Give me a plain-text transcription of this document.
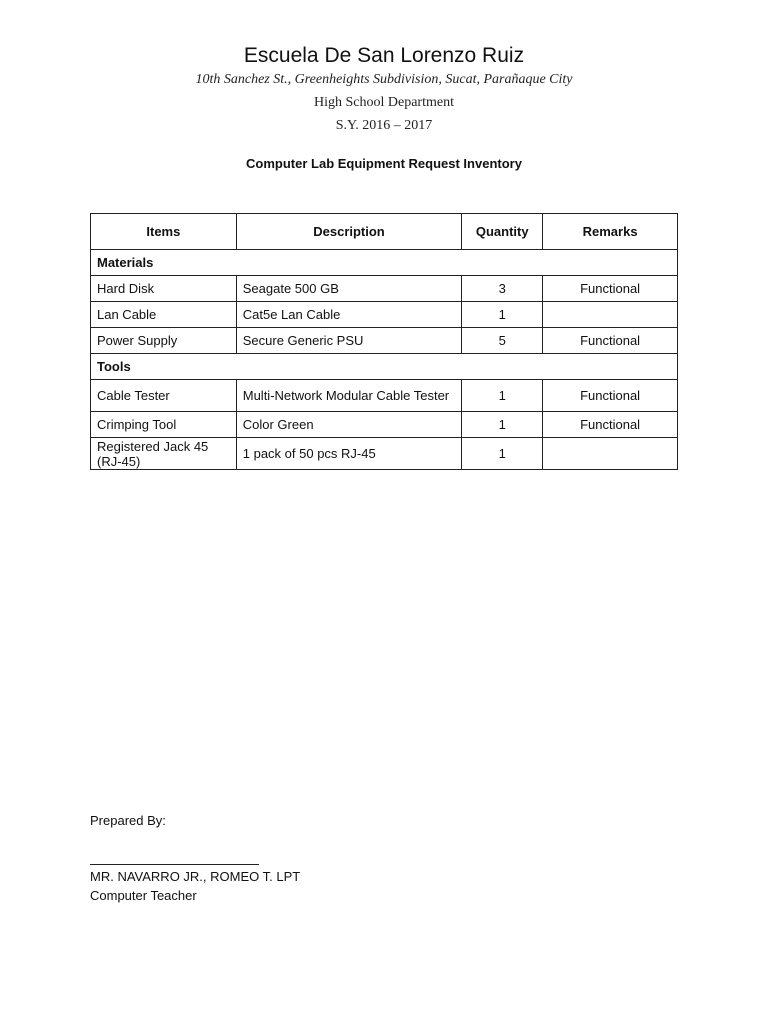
Escuela De San Lorenzo Ruiz
10th Sanchez St., Greenheights Subdivision, Sucat, Parañaque City
High School Department
S.Y. 2016 – 2017
Computer Lab Equipment Request Inventory
Items	Description	Quantity	Remarks
Materials			
Hard Disk	Seagate 500 GB	3	Functional
Lan Cable	Cat5e Lan Cable	1	
Power Supply	Secure Generic PSU	5	Functional
Tools			
Cable Tester	Multi-Network Modular Cable Tester	1	Functional
Crimping Tool	Color Green	1	Functional
Registered Jack 45 (RJ-45)	1 pack of 50 pcs RJ-45	1	
Prepared By:
MR. NAVARRO JR., ROMEO T. LPT
Computer Teacher
